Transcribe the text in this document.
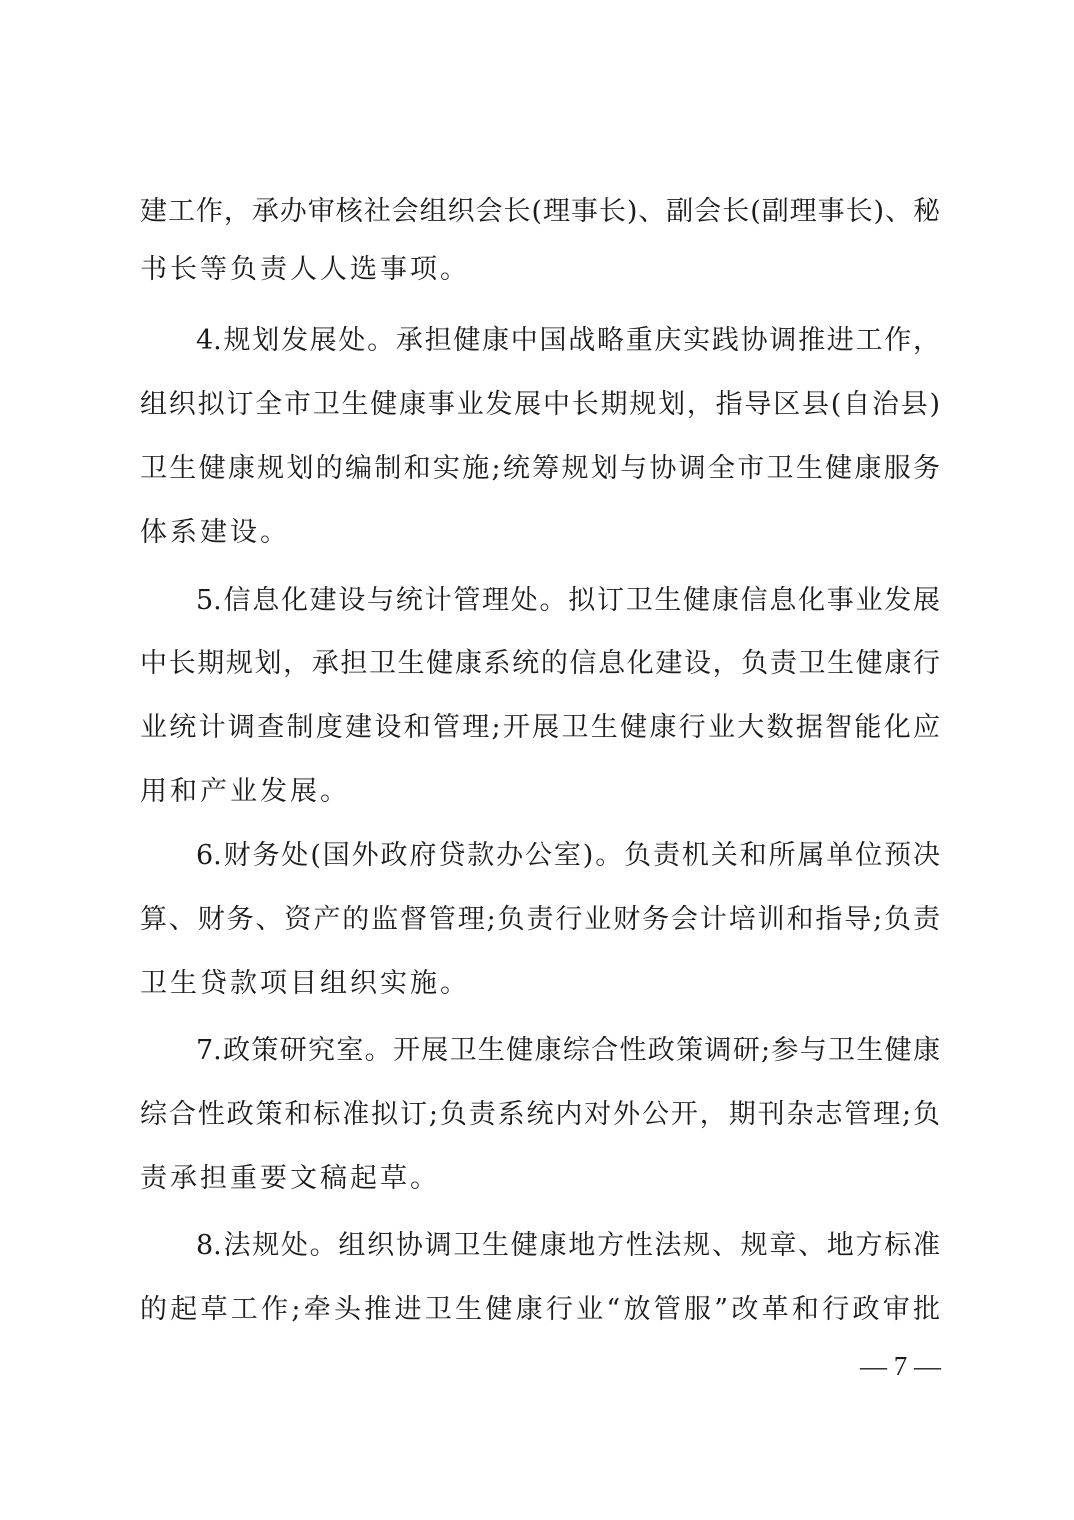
建工作，承办审核社会组织会长(理事长)、副会长(副理事长)、秘
书长等负责人人选事项。
4.规划发展处。承担健康中国战略重庆实践协调推进工作，
组织拟订全市卫生健康事业发展中长期规划，指导区县(自治县)
卫生健康规划的编制和实施;统筹规划与协调全市卫生健康服务
体系建设。
5.信息化建设与统计管理处。拟订卫生健康信息化事业发展
中长期规划，承担卫生健康系统的信息化建设，负责卫生健康行
业统计调查制度建设和管理;开展卫生健康行业大数据智能化应
用和产业发展。
6.财务处(国外政府贷款办公室)。负责机关和所属单位预决
算、财务、资产的监督管理;负责行业财务会计培训和指导;负责
卫生贷款项目组织实施。
7.政策研究室。开展卫生健康综合性政策调研;参与卫生健康
综合性政策和标准拟订;负责系统内对外公开，期刊杂志管理;负
责承担重要文稿起草。
8.法规处。组织协调卫生健康地方性法规、规章、地方标准
的起草工作;牵头推进卫生健康行业“放管服”改革和行政审批
— 7 —
